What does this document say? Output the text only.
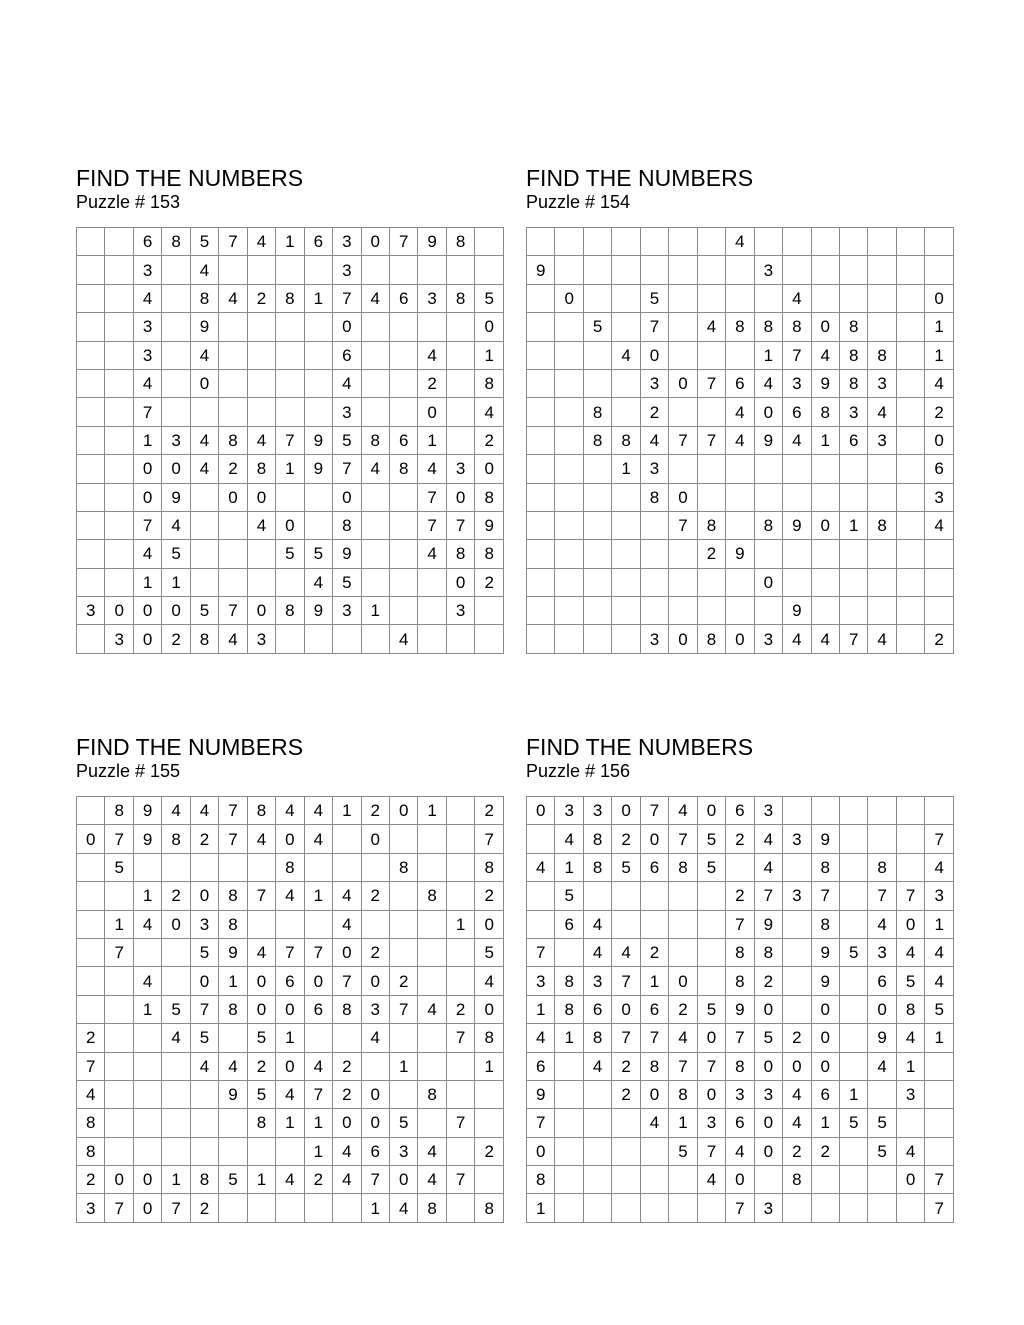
FIND THE NUMBERS
Puzzle # 153
		6	8	5	7	4	1	6	3	0	7	9	8	
		3		4					3					
		4		8	4	2	8	1	7	4	6	3	8	5
		3		9					0					0
		3		4					6			4		1
		4		0					4			2		8
		7							3			0		4
		1	3	4	8	4	7	9	5	8	6	1		2
		0	0	4	2	8	1	9	7	4	8	4	3	0
		0	9		0	0			0			7	0	8
		7	4			4	0		8			7	7	9
		4	5				5	5	9			4	8	8
		1	1					4	5				0	2
3	0	0	0	5	7	0	8	9	3	1			3	
	3	0	2	8	4	3					4			
FIND THE NUMBERS
Puzzle # 154
							4							
9								3						
	0			5					4					0
		5		7		4	8	8	8	0	8			1
			4	0				1	7	4	8	8		1
				3	0	7	6	4	3	9	8	3		4
		8		2			4	0	6	8	3	4		2
		8	8	4	7	7	4	9	4	1	6	3		0
			1	3										6
				8	0									3
					7	8		8	9	0	1	8		4
						2	9							
								0						
									9					
				3	0	8	0	3	4	4	7	4		2
FIND THE NUMBERS
Puzzle # 155
	8	9	4	4	7	8	4	4	1	2	0	1		2
0	7	9	8	2	7	4	0	4		0				7
	5						8				8			8
		1	2	0	8	7	4	1	4	2		8		2
	1	4	0	3	8				4				1	0
	7			5	9	4	7	7	0	2				5
		4		0	1	0	6	0	7	0	2			4
		1	5	7	8	0	0	6	8	3	7	4	2	0
2			4	5		5	1			4			7	8
7				4	4	2	0	4	2		1			1
4					9	5	4	7	2	0		8		
8						8	1	1	0	0	5		7	
8								1	4	6	3	4		2
2	0	0	1	8	5	1	4	2	4	7	0	4	7	
3	7	0	7	2						1	4	8		8
FIND THE NUMBERS
Puzzle # 156
0	3	3	0	7	4	0	6	3						
	4	8	2	0	7	5	2	4	3	9				7
4	1	8	5	6	8	5		4		8		8		4
	5						2	7	3	7		7	7	3
	6	4					7	9		8		4	0	1
7		4	4	2			8	8		9	5	3	4	4
3	8	3	7	1	0		8	2		9		6	5	4
1	8	6	0	6	2	5	9	0		0		0	8	5
4	1	8	7	7	4	0	7	5	2	0		9	4	1
6		4	2	8	7	7	8	0	0	0		4	1	
9			2	0	8	0	3	3	4	6	1		3	
7				4	1	3	6	0	4	1	5	5		
0					5	7	4	0	2	2		5	4	
8						4	0		8				0	7
1							7	3						7
